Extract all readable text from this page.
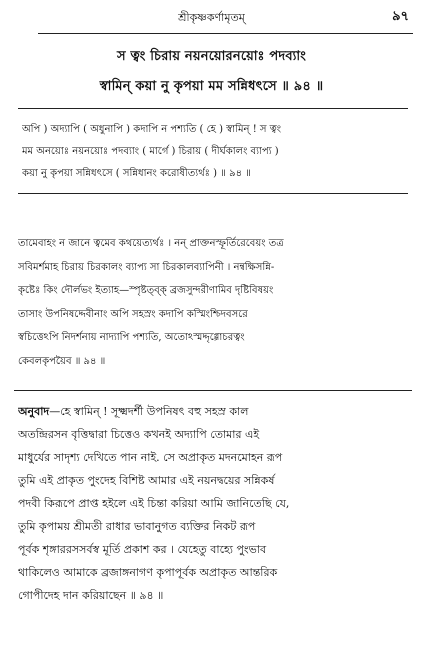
শ্রীকৃষ্ণকর্ণামৃতম্	৯৭
স ত্বং চিরায় নয়নয়োরনয়োঃ পদব্যাং
স্বামিন্ কয়া নু কৃপয়া মম সন্নিধৎসে ॥ ৯৪ ॥
অপি ) অদ্যাপি ( অধুনাপি ) কদাপি ন পশ্যতি ( হে ) স্বামিন্ ! স ত্বং
মম অনয়োঃ নয়নয়োঃ পদব্যাং ( মার্গে ) চিরায় ( দীর্ঘকালং ব্যাপ্য )
কয়া নু কৃপয়া সন্নিধৎসে ( সন্নিধানং করোষীত্যর্থঃ ) ॥ ৯৪ ॥
তামেবাহং ন জানে ত্বমেব কথয়েত্যর্থঃ । নন্ প্রাক্তনস্ফূর্তিরেবেয়ং তত্র
সবিমর্শমাহ চিরায় চিরকালং ব্যাপ্য সা চিরকালব্যাপিনী । নন্বক্ষিসন্নি-
কৃষ্টেঃ কিং দৌর্লভং ইত্যাহ—স্পৃষ্টত্ব্ক্ ব্রজসুন্দরীণামিব দৃষ্টিবিষয়ং
তাসাং উপনিষদ্দেবীনাং অপি সহস্রং কদাপি কস্মিংশ্চিদবসরে
স্বচিত্তেঽপি নিদর্শনায় নাদ্যাপি পশ্যতি, অতোঽস্মদ্দৃগ্গোচরত্বং
কেবলকৃপয়ৈব ॥ ৯৪ ॥
অনুবাদ—হে স্বামিন্ ! সূক্ষ্মদর্শী উপনিষৎ বহু সহস্র কাল
অতন্দ্রিরসন বৃত্তিদ্বারা চিত্তেও কখনই অদ্যাপি তোমার এই
মাধুর্যের সাদৃশ্য দেখিতে পান নাই. সে অপ্রাকৃত মদনমোহন রূপ
তুমি এই প্রাকৃত পুংদেহ বিশিষ্ট আমার এই নয়নদ্বয়ের সন্নিকর্ষ
পদবী কিরূপে প্রাপ্ত হইলে এই চিন্তা করিয়া আমি জানিতেছি যে,
তুমি কৃপাময় শ্রীমতী রাধার ভাবানুগত ব্যক্তির নিকট রূপ
পূর্বক শৃঙ্গাররসসর্বস্ব মূর্তি প্রকাশ কর । যেহেতু বাহ্যে পুংভাব
থাকিলেও আমাকে ব্রজাঙ্গনাগণ কৃপাপূর্বক অপ্রাকৃত আন্তরিক
গোপীদেহ দান করিয়াছেন ॥ ৯৪ ॥
